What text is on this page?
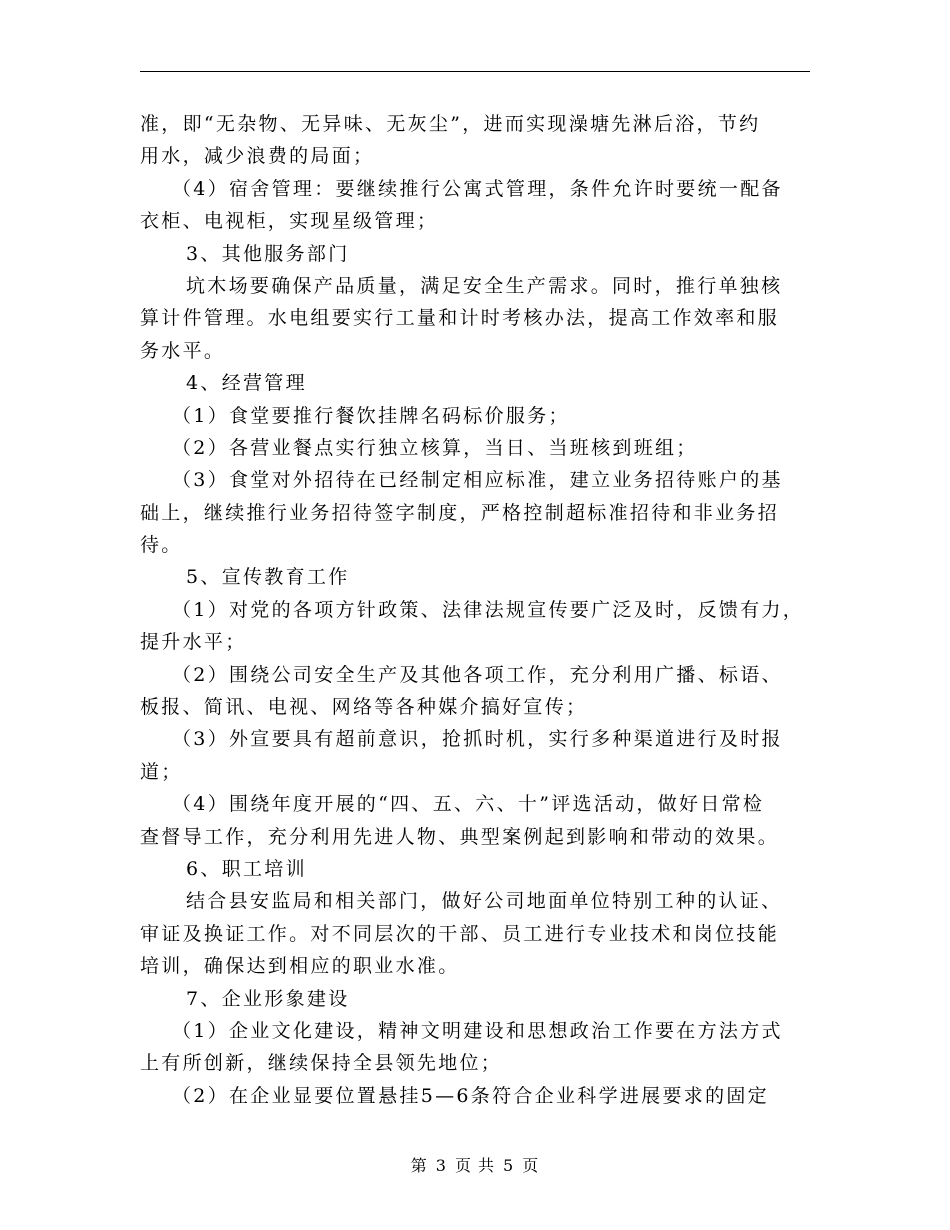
准，即“无杂物、无异味、无灰尘”，进而实现澡塘先淋后浴，节约
用水，减少浪费的局面；
（4）宿舍管理：要继续推行公寓式管理，条件允许时要统一配备
衣柜、电视柜，实现星级管理；
3、其他服务部门
坑木场要确保产品质量，满足安全生产需求。同时，推行单独核
算计件管理。水电组要实行工量和计时考核办法，提高工作效率和服
务水平。
4、经营管理
（1）食堂要推行餐饮挂牌名码标价服务；
（2）各营业餐点实行独立核算，当日、当班核到班组；
（3）食堂对外招待在已经制定相应标准，建立业务招待账户的基
础上，继续推行业务招待签字制度，严格控制超标准招待和非业务招
待。
5、宣传教育工作
（1）对党的各项方针政策、法律法规宣传要广泛及时，反馈有力，
提升水平；
（2）围绕公司安全生产及其他各项工作，充分利用广播、标语、
板报、简讯、电视、网络等各种媒介搞好宣传；
（3）外宣要具有超前意识，抢抓时机，实行多种渠道进行及时报
道；
（4）围绕年度开展的“四、五、六、十”评选活动，做好日常检
查督导工作，充分利用先进人物、典型案例起到影响和带动的效果。
6、职工培训
结合县安监局和相关部门，做好公司地面单位特别工种的认证、
审证及换证工作。对不同层次的干部、员工进行专业技术和岗位技能
培训，确保达到相应的职业水准。
7、企业形象建设
（1）企业文化建设，精神文明建设和思想政治工作要在方法方式
上有所创新，继续保持全县领先地位；
（2）在企业显要位置悬挂5—6条符合企业科学进展要求的固定
第 3 页 共 5 页
